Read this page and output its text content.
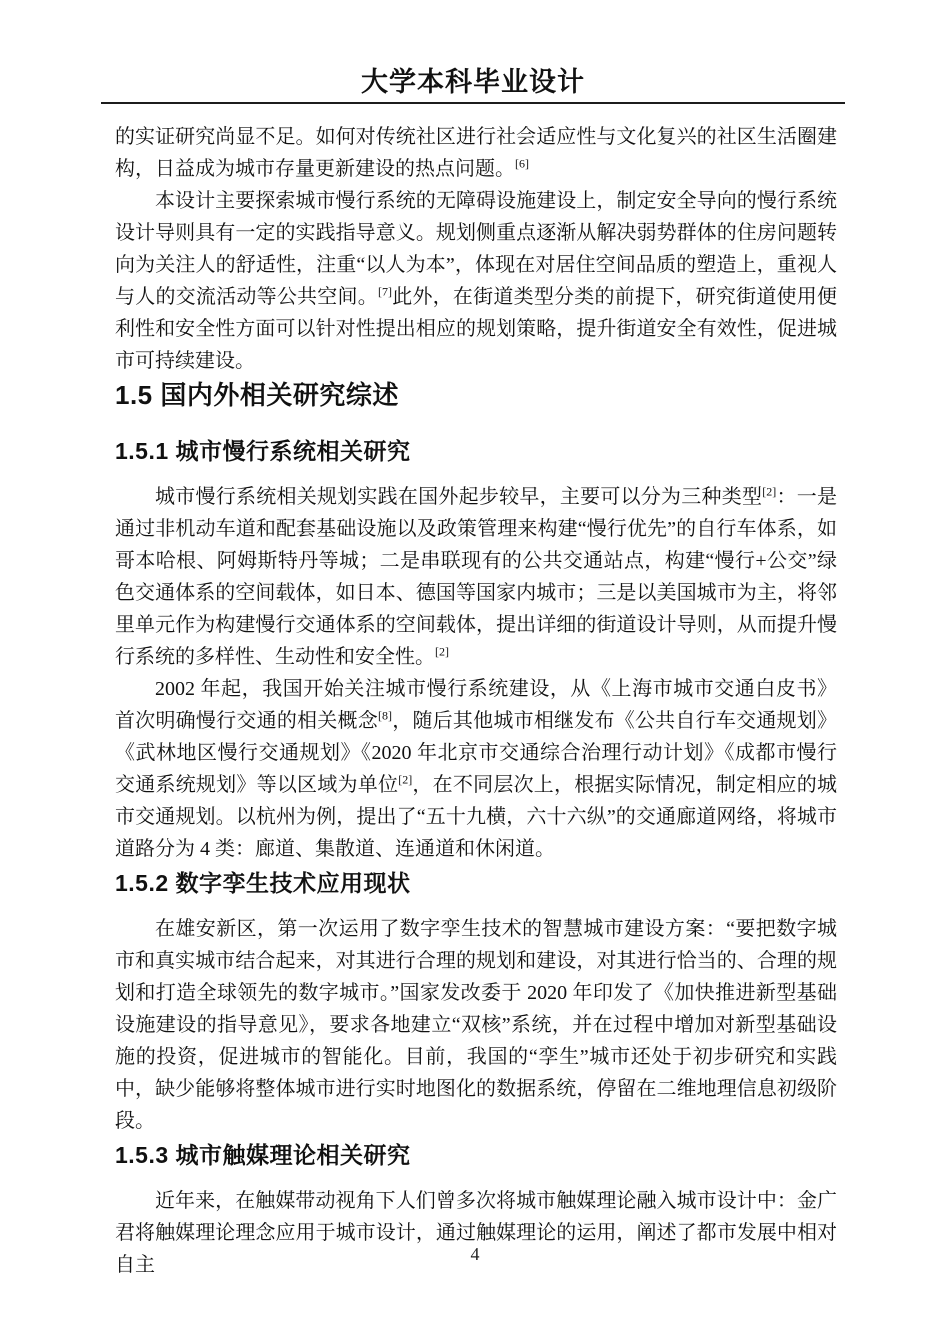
大学本科毕业设计

的实证研究尚显不足。如何对传统社区进行社会适应性与文化复兴的社区生活圈建构，日益成为城市存量更新建设的热点问题。[6]

本设计主要探索城市慢行系统的无障碍设施建设上，制定安全导向的慢行系统设计导则具有一定的实践指导意义。规划侧重点逐渐从解决弱势群体的住房问题转向为关注人的舒适性，注重“以人为本”，体现在对居住空间品质的塑造上，重视人与人的交流活动等公共空间。[7]此外，在街道类型分类的前提下，研究街道使用便利性和安全性方面可以针对性提出相应的规划策略，提升街道安全有效性，促进城市可持续建设。

1.5 国内外相关研究综述
1.5.1 城市慢行系统相关研究

城市慢行系统相关规划实践在国外起步较早，主要可以分为三种类型[2]：一是通过非机动车道和配套基础设施以及政策管理来构建“慢行优先”的自行车体系，如哥本哈根、阿姆斯特丹等城；二是串联现有的公共交通站点，构建“慢行+公交”绿色交通体系的空间载体，如日本、德国等国家内城市；三是以美国城市为主，将邻里单元作为构建慢行交通体系的空间载体，提出详细的街道设计导则，从而提升慢行系统的多样性、生动性和安全性。[2]

2002 年起，我国开始关注城市慢行系统建设，从《上海市城市交通白皮书》首次明确慢行交通的相关概念[8]，随后其他城市相继发布《公共自行车交通规划》《武林地区慢行交通规划》《2020 年北京市交通综合治理行动计划》《成都市慢行交通系统规划》等以区域为单位[2]，在不同层次上，根据实际情况，制定相应的城市交通规划。以杭州为例，提出了“五十九横，六十六纵”的交通廊道网络，将城市道路分为 4 类：廊道、集散道、连通道和休闲道。

1.5.2 数字孪生技术应用现状

在雄安新区，第一次运用了数字孪生技术的智慧城市建设方案：“要把数字城市和真实城市结合起来，对其进行合理的规划和建设，对其进行恰当的、合理的规划和打造全球领先的数字城市。”国家发改委于 2020 年印发了《加快推进新型基础设施建设的指导意见》，要求各地建立“双核”系统，并在过程中增加对新型基础设施的投资，促进城市的智能化。目前，我国的“孪生”城市还处于初步研究和实践中，缺少能够将整体城市进行实时地图化的数据系统，停留在二维地理信息初级阶段。

1.5.3 城市触媒理论相关研究

近年来，在触媒带动视角下人们曾多次将城市触媒理论融入城市设计中：金广君将触媒理论理念应用于城市设计，通过触媒理论的运用，阐述了都市发展中相对自主	4
